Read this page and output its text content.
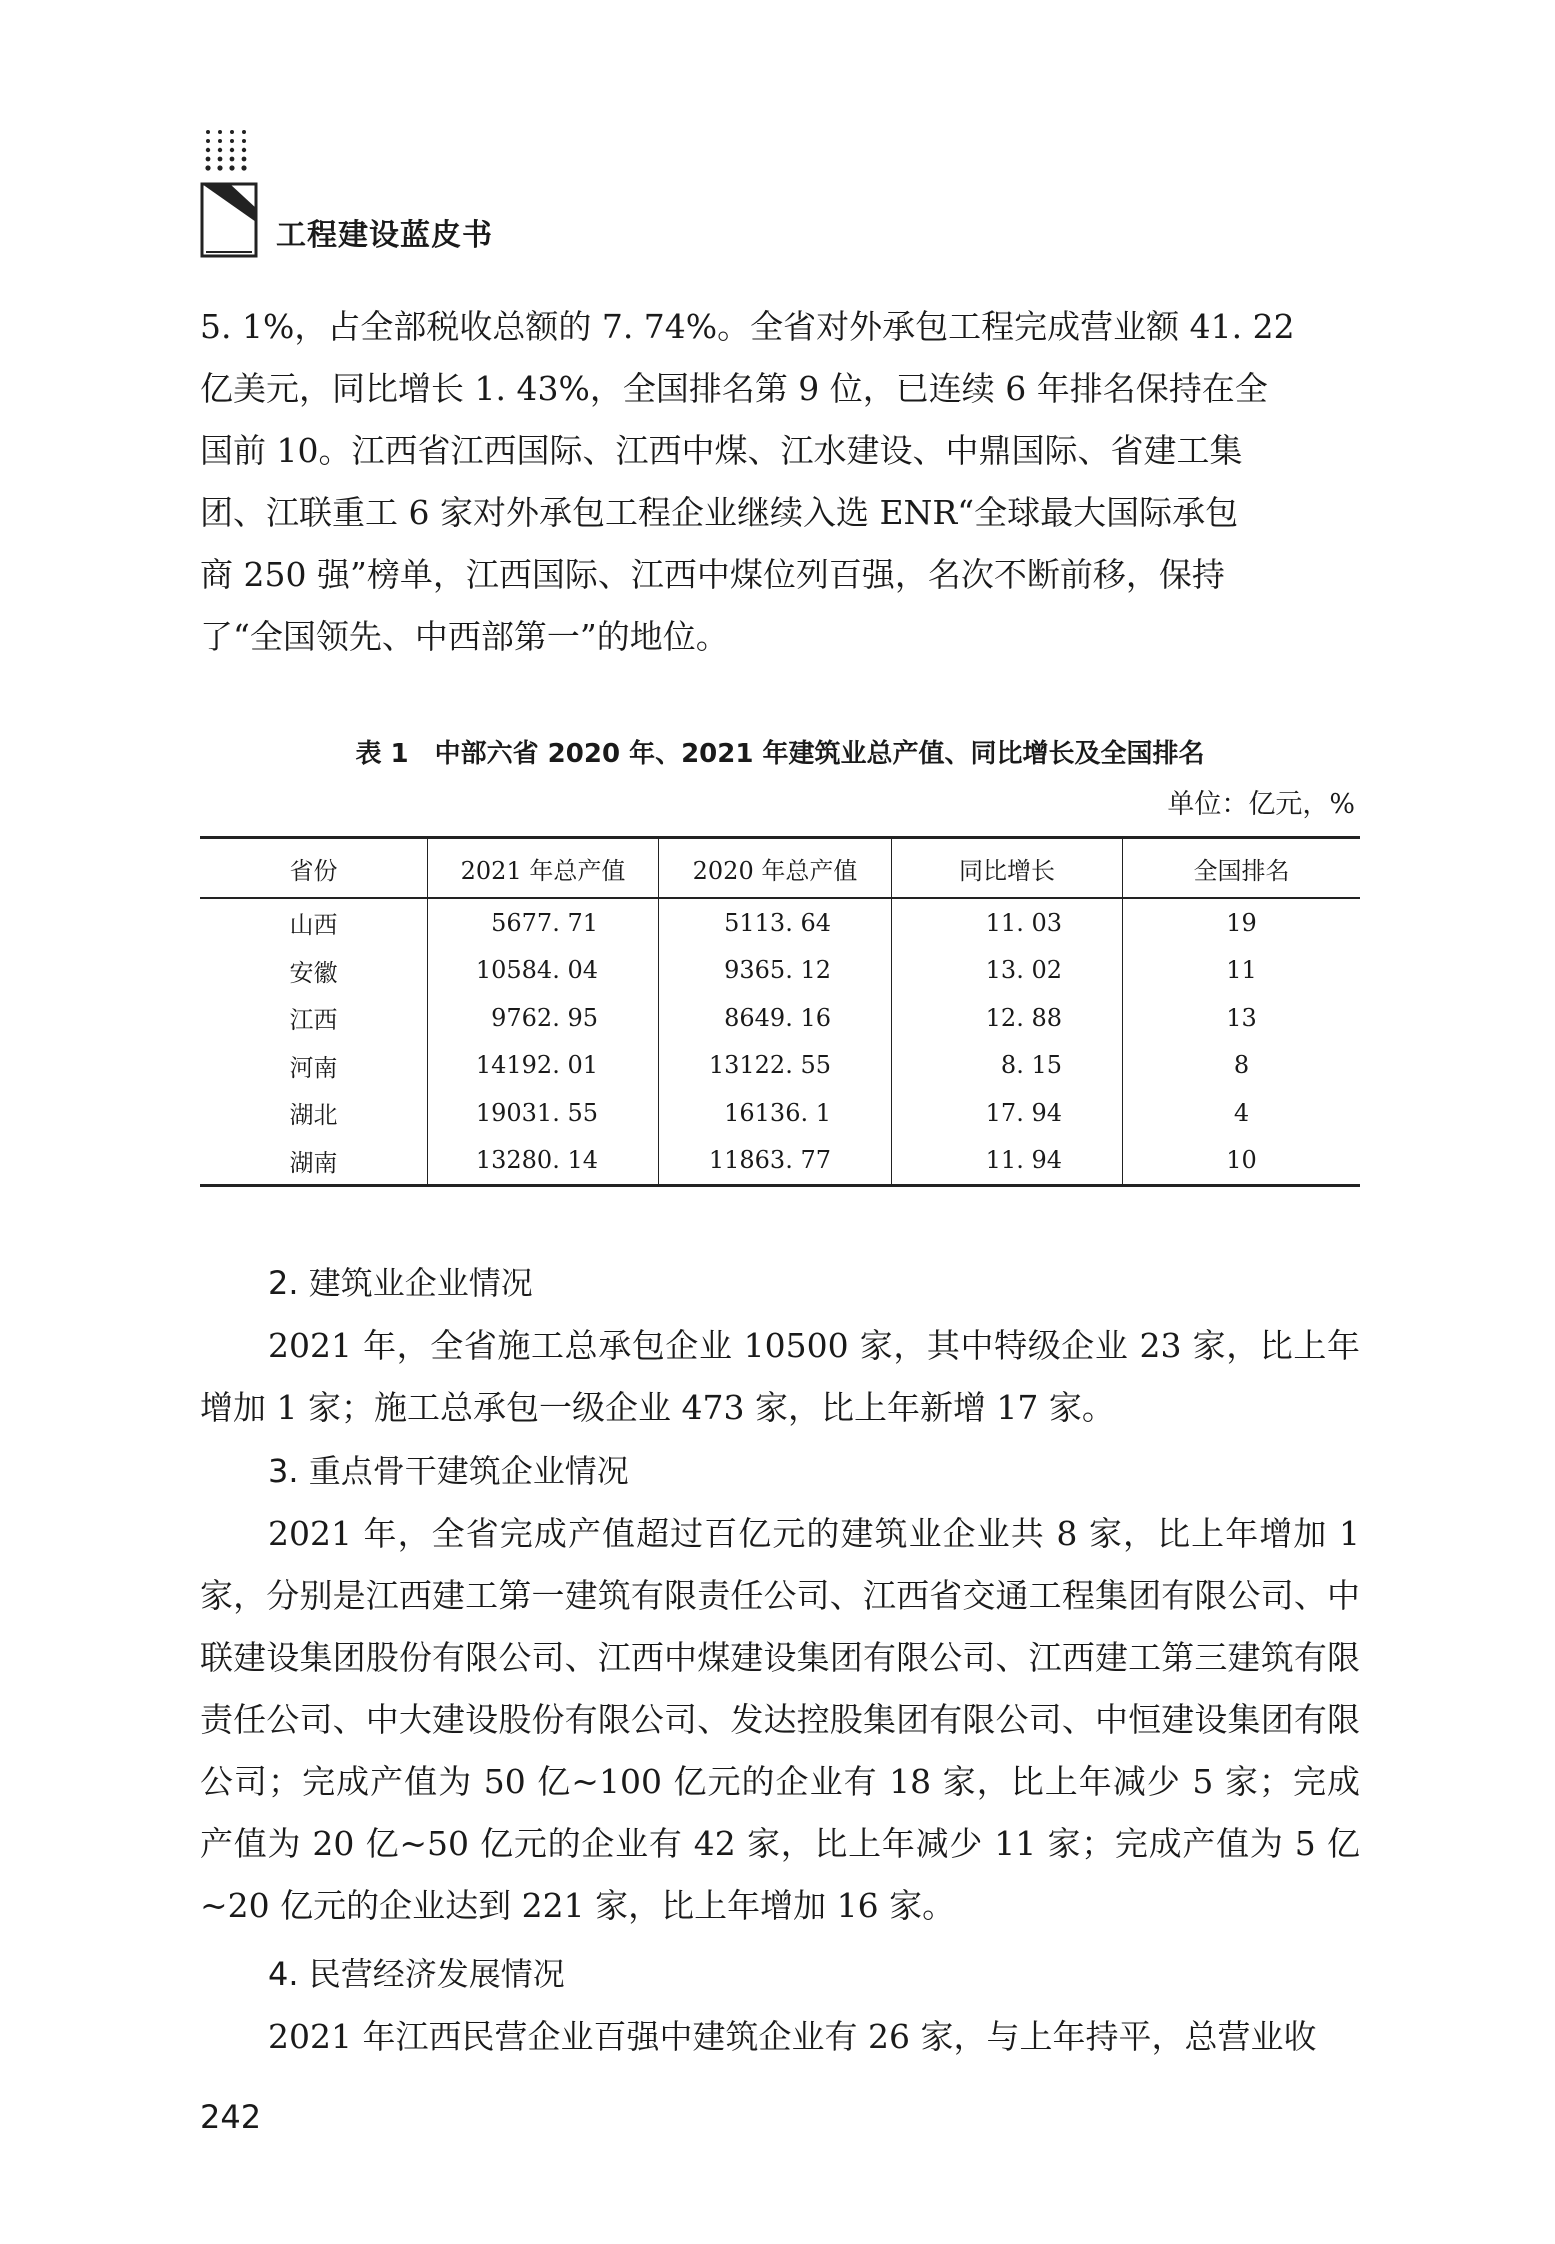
工程建设蓝皮书
5. 1%，占全部税收总额的 7. 74%。全省对外承包工程完成营业额 41. 22
亿美元，同比增长 1. 43%，全国排名第 9 位，已连续 6 年排名保持在全
国前 10。江西省江西国际、江西中煤、江水建设、中鼎国际、省建工集
团、江联重工 6 家对外承包工程企业继续入选 ENR“全球最大国际承包
商 250 强”榜单，江西国际、江西中煤位列百强，名次不断前移，保持
了“全国领先、中西部第一”的地位。
表 1　中部六省 2020 年、2021 年建筑业总产值、同比增长及全国排名
单位：亿元，%
省份	2021 年总产值	2020 年总产值	同比增长	全国排名
山西	5677. 71	5113. 64	11. 03	19
安徽	10584. 04	9365. 12	13. 02	11
江西	9762. 95	8649. 16	12. 88	13
河南	14192. 01	13122. 55	8. 15	8
湖北	19031. 55	16136. 1	17. 94	4
湖南	13280. 14	11863. 77	11. 94	10

2. 建筑业企业情况

2021 年，全省施工总承包企业 10500 家，其中特级企业 23 家，比上年增加 1 家；施工总承包一级企业 473 家，比上年新增 17 家。

3. 重点骨干建筑企业情况

2021 年，全省完成产值超过百亿元的建筑业企业共 8 家，比上年增加 1 家，分别是江西建工第一建筑有限责任公司、江西省交通工程集团有限公司、中联建设集团股份有限公司、江西中煤建设集团有限公司、江西建工第三建筑有限责任公司、中大建设股份有限公司、发达控股集团有限公司、中恒建设集团有限公司；完成产值为 50 亿~100 亿元的企业有 18 家，比上年减少 5 家；完成产值为 20 亿~50 亿元的企业有 42 家，比上年减少 11 家；完成产值为 5 亿~20 亿元的企业达到 221 家，比上年增加 16 家。

4. 民营经济发展情况

2021 年江西民营企业百强中建筑企业有 26 家，与上年持平，总营业收

242
